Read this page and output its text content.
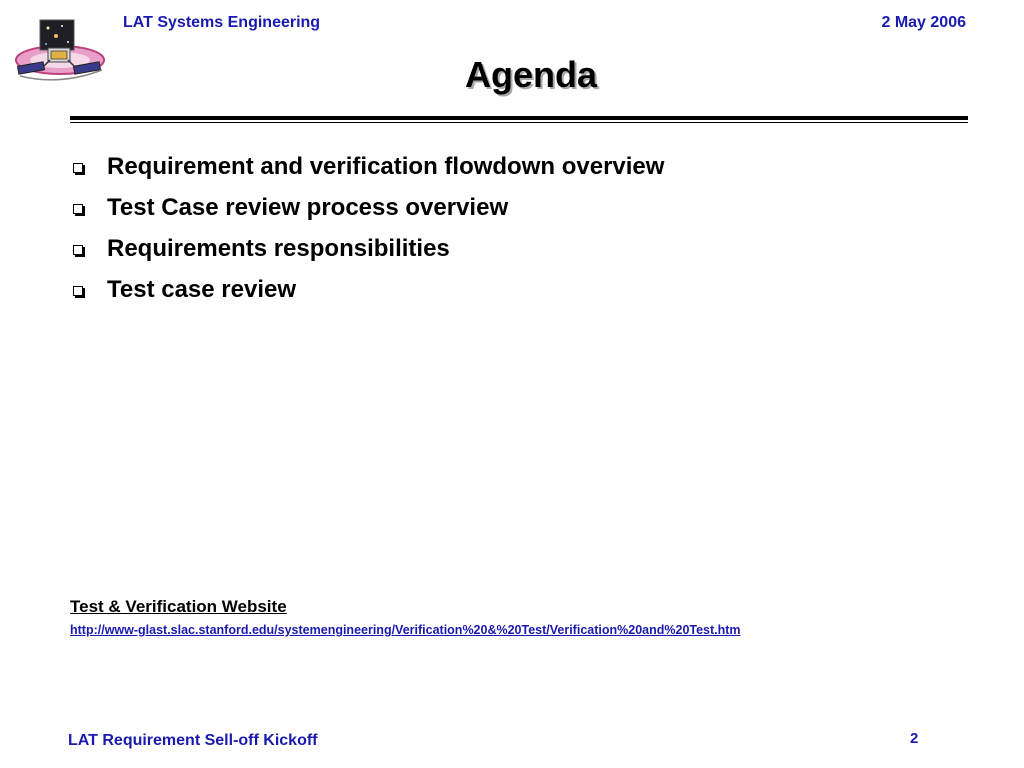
LAT Systems Engineering	2 May 2006
Agenda
Requirement and verification flowdown overview
Test Case review process overview
Requirements responsibilities
Test case review
Test & Verification Website
http://www-glast.slac.stanford.edu/systemengineering/Verification%20&%20Test/Verification%20and%20Test.htm
LAT Requirement Sell-off Kickoff	2
